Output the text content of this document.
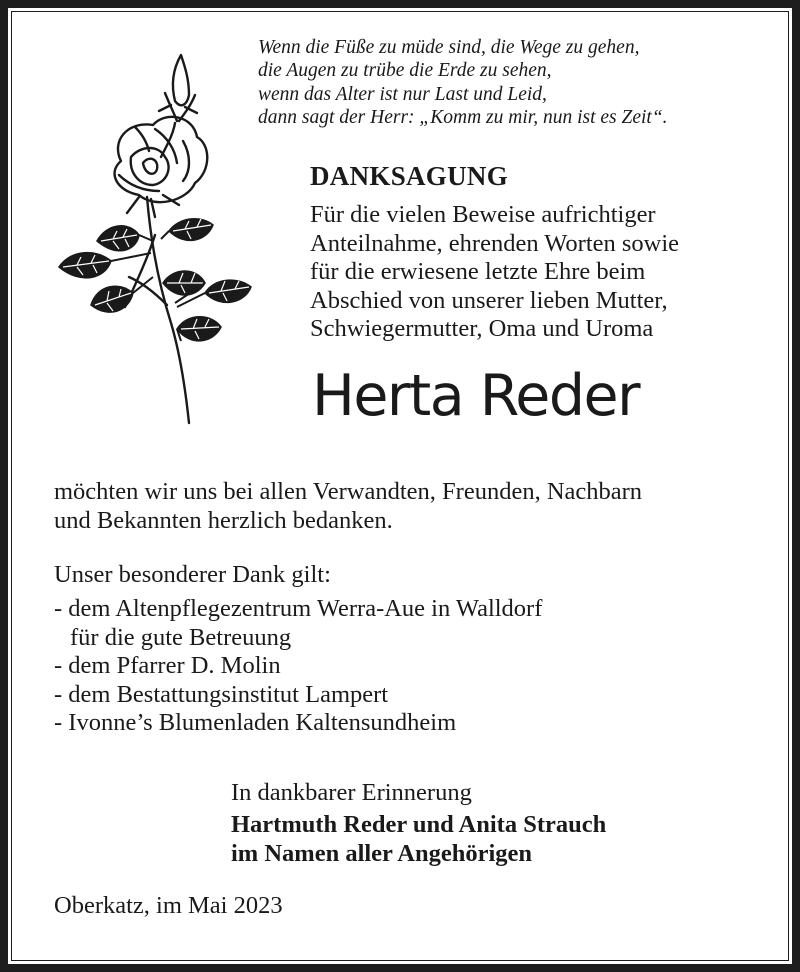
Wenn die Füße zu müde sind, die Wege zu gehen,
die Augen zu trübe die Erde zu sehen,
wenn das Alter ist nur Last und Leid,
dann sagt der Herr: „Komm zu mir, nun ist es Zeit“.
DANKSAGUNG
Für die vielen Beweise aufrichtiger
Anteilnahme, ehrenden Worten sowie
für die erwiesene letzte Ehre beim
Abschied von unserer lieben Mutter,
Schwiegermutter, Oma und Uroma
Herta Reder
möchten wir uns bei allen Verwandten, Freunden, Nachbarn
und Bekannten herzlich bedanken.
Unser besonderer Dank gilt:
- dem Altenpflegezentrum Werra-Aue in Walldorf
für die gute Betreuung
- dem Pfarrer D. Molin
- dem Bestattungsinstitut Lampert
- Ivonne’s Blumenladen Kaltensundheim
In dankbarer Erinnerung
Hartmuth Reder und Anita Strauch
im Namen aller Angehörigen
Oberkatz, im Mai 2023
